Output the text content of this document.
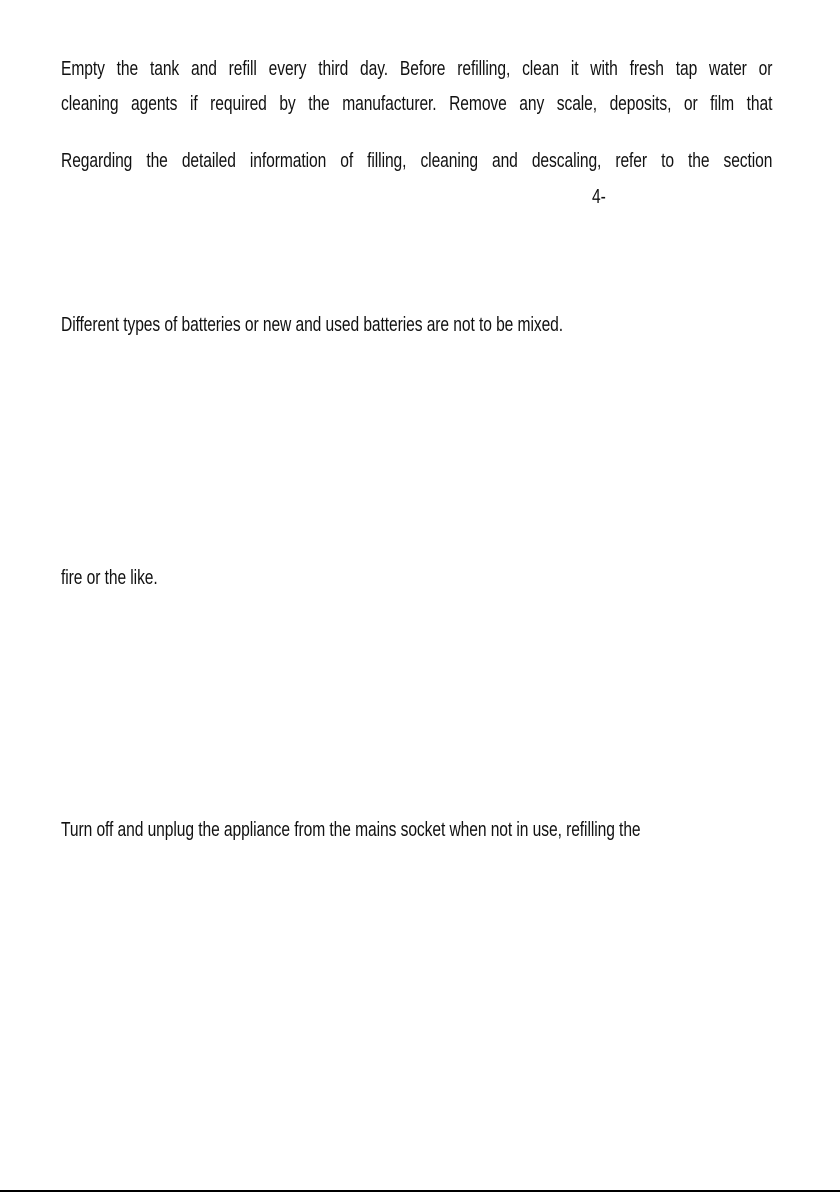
Empty the tank and refill every third day. Before refilling, clean it with fresh tap water or
cleaning agents if required by the manufacturer. Remove any scale, deposits, or film that
Regarding the detailed information of filling, cleaning and descaling, refer to the section
4-
Different types of batteries or new and used batteries are not to be mixed.
fire or the like.
Turn off and unplug the appliance from the mains socket when not in use, refilling the
